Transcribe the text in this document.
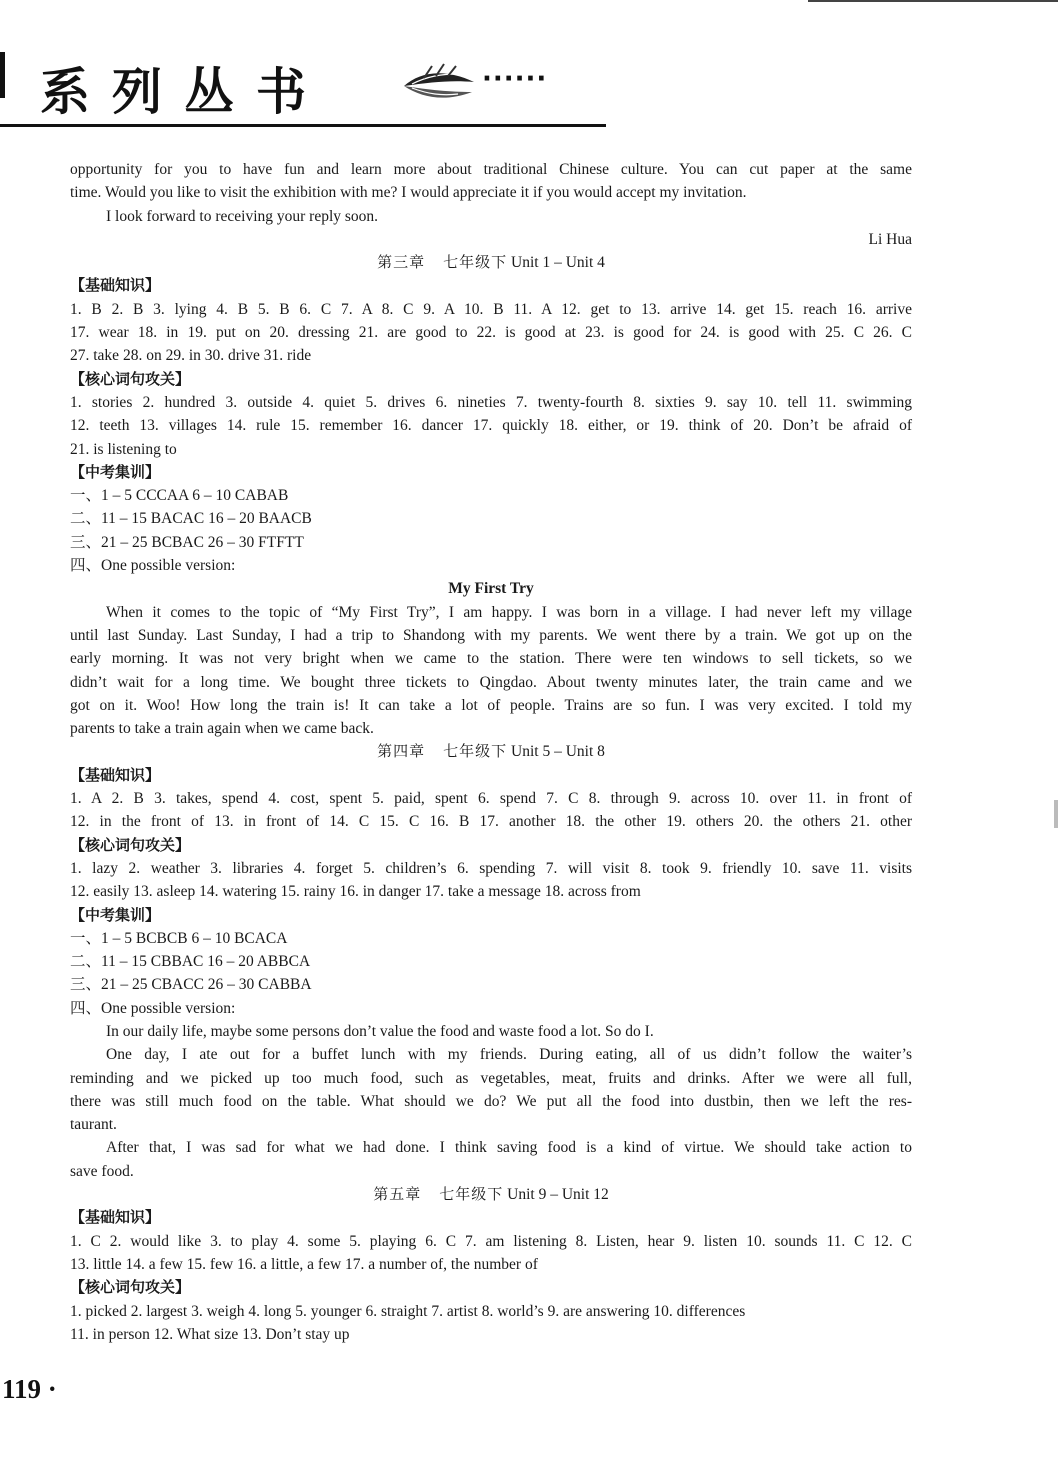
系列丛书	······
opportunity for you to have fun and learn more about traditional Chinese culture. You can cut paper at the same
time. Would you like to visit the exhibition with me? I would appreciate it if you would accept my invitation.
I look forward to receiving your reply soon.
Li Hua
第三章 七年级下 Unit 1 – Unit 4
【基础知识】
1. B 2. B 3. lying 4. B 5. B 6. C 7. A 8. C 9. A 10. B 11. A 12. get to 13. arrive 14. get 15. reach 16. arrive
17. wear 18. in 19. put on 20. dressing 21. are good to 22. is good at 23. is good for 24. is good with 25. C 26. C
27. take 28. on 29. in 30. drive 31. ride
【核心词句攻关】
1. stories 2. hundred 3. outside 4. quiet 5. drives 6. nineties 7. twenty-fourth 8. sixties 9. say 10. tell 11. swimming
12. teeth 13. villages 14. rule 15. remember 16. dancer 17. quickly 18. either, or 19. think of 20. Don’t be afraid of
21. is listening to
【中考集训】
一、1 – 5 CCCAA 6 – 10 CABAB
二、11 – 15 BACAC 16 – 20 BAACB
三、21 – 25 BCBAC 26 – 30 FTFTT
四、One possible version:
My First Try
When it comes to the topic of “My First Try”, I am happy. I was born in a village. I had never left my village
until last Sunday. Last Sunday, I had a trip to Shandong with my parents. We went there by a train. We got up on the
early morning. It was not very bright when we came to the station. There were ten windows to sell tickets, so we
didn’t wait for a long time. We bought three tickets to Qingdao. About twenty minutes later, the train came and we
got on it. Woo! How long the train is! It can take a lot of people. Trains are so fun. I was very excited. I told my
parents to take a train again when we came back.
第四章 七年级下 Unit 5 – Unit 8
【基础知识】
1. A 2. B 3. takes, spend 4. cost, spent 5. paid, spent 6. spend 7. C 8. through 9. across 10. over 11. in front of
12. in the front of 13. in front of 14. C 15. C 16. B 17. another 18. the other 19. others 20. the others 21. other
【核心词句攻关】
1. lazy 2. weather 3. libraries 4. forget 5. children’s 6. spending 7. will visit 8. took 9. friendly 10. save 11. visits
12. easily 13. asleep 14. watering 15. rainy 16. in danger 17. take a message 18. across from
【中考集训】
一、1 – 5 BCBCB 6 – 10 BCACA
二、11 – 15 CBBAC 16 – 20 ABBCA
三、21 – 25 CBACC 26 – 30 CABBA
四、One possible version:
In our daily life, maybe some persons don’t value the food and waste food a lot. So do I.
One day, I ate out for a buffet lunch with my friends. During eating, all of us didn’t follow the waiter’s
reminding and we picked up too much food, such as vegetables, meat, fruits and drinks. After we were all full,
there was still much food on the table. What should we do? We put all the food into dustbin, then we left the res-
taurant.
After that, I was sad for what we had done. I think saving food is a kind of virtue. We should take action to
save food.
第五章 七年级下 Unit 9 – Unit 12
【基础知识】
1. C 2. would like 3. to play 4. some 5. playing 6. C 7. am listening 8. Listen, hear 9. listen 10. sounds 11. C 12. C
13. little 14. a few 15. few 16. a little, a few 17. a number of, the number of
【核心词句攻关】
1. picked 2. largest 3. weigh 4. long 5. younger 6. straight 7. artist 8. world’s 9. are answering 10. differences
11. in person 12. What size 13. Don’t stay up
119 ·
